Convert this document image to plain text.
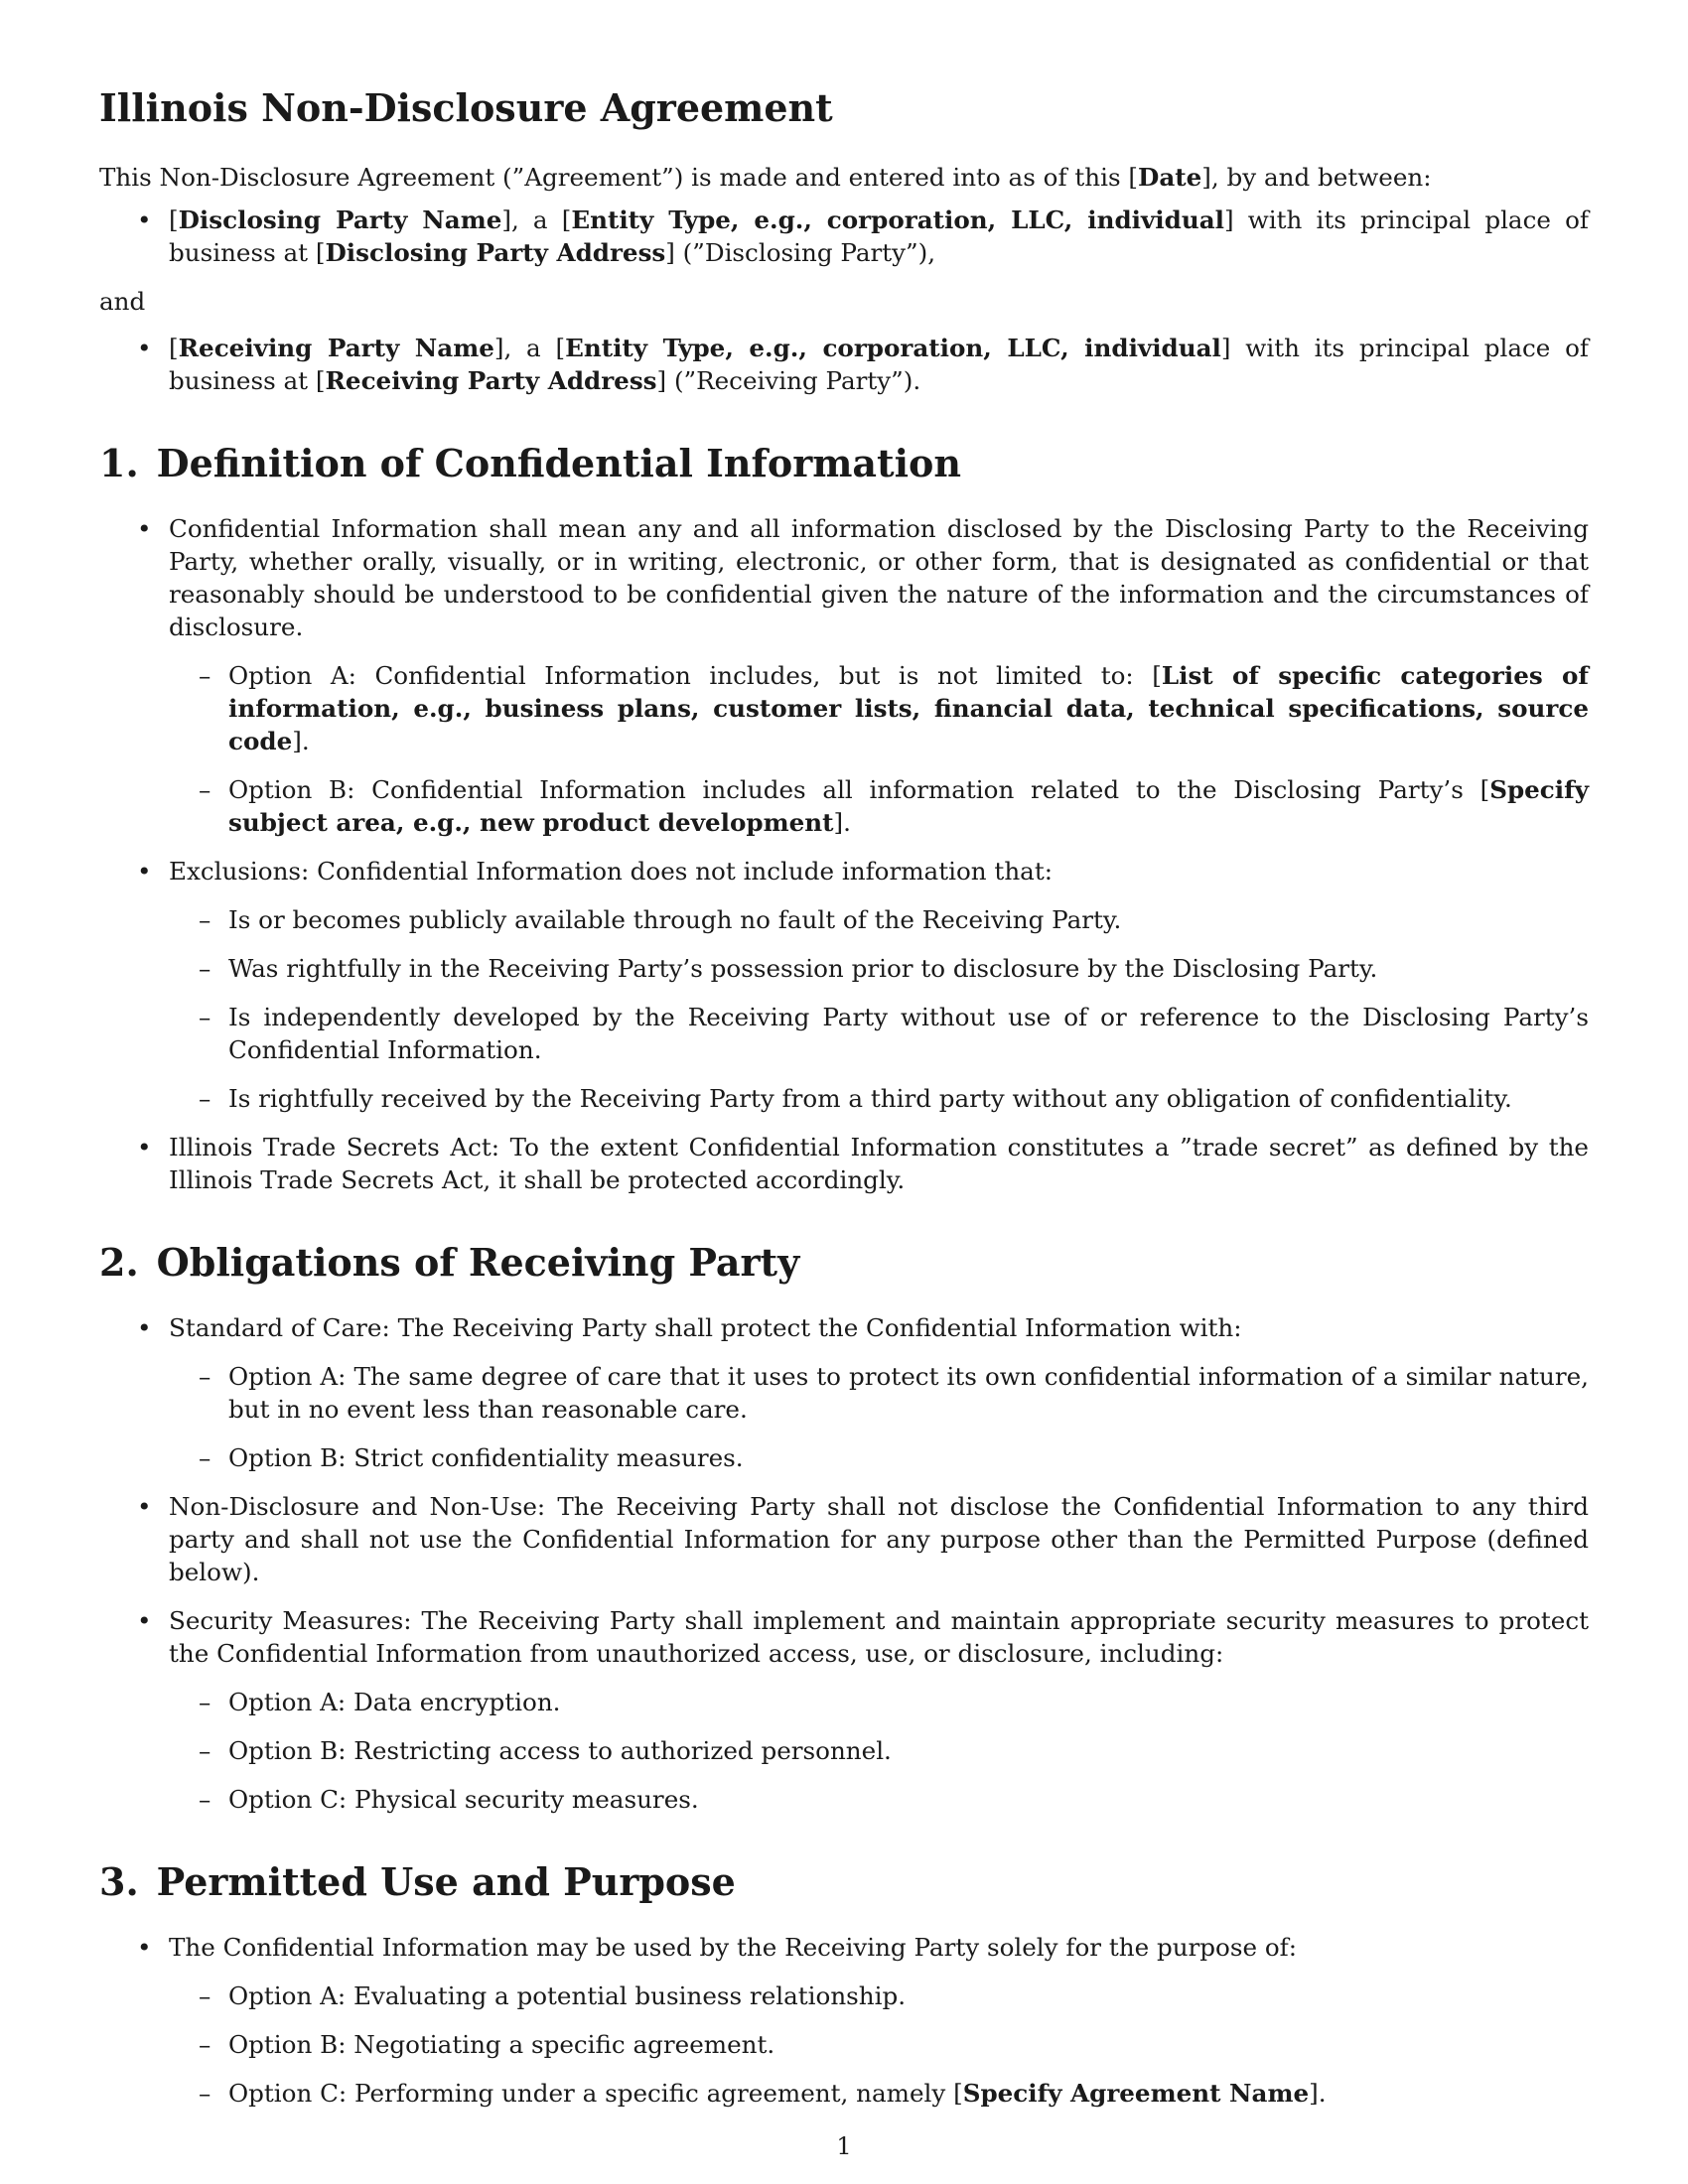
Illinois Non-Disclosure Agreement

This Non-Disclosure Agreement (”Agreement”) is made and entered into as of this [Date], by and between:

• [Disclosing Party Name], a [Entity Type, e.g., corporation, LLC, individual] with its principal place of business at [Disclosing Party Address] (”Disclosing Party”),
and
• [Receiving Party Name], a [Entity Type, e.g., corporation, LLC, individual] with its principal place of business at [Receiving Party Address] (”Receiving Party”).
1. Definition of Confidential Information
• Confidential Information shall mean any and all information disclosed by the Disclosing Party to the Receiving Party, whether orally, visually, or in writing, electronic, or other form, that is designated as confidential or that reasonably should be understood to be confidential given the nature of the information and the circumstances of disclosure.
– Option A: Confidential Information includes, but is not limited to: [List of specific categories of information, e.g., business plans, customer lists, financial data, technical specifications, source code].
– Option B: Confidential Information includes all information related to the Disclosing Party’s [Specify subject area, e.g., new product development].
• Exclusions: Confidential Information does not include information that:
– Is or becomes publicly available through no fault of the Receiving Party.
– Was rightfully in the Receiving Party’s possession prior to disclosure by the Disclosing Party.
– Is independently developed by the Receiving Party without use of or reference to the Disclosing Party’s Confidential Information.
– Is rightfully received by the Receiving Party from a third party without any obligation of confidentiality.
• Illinois Trade Secrets Act: To the extent Confidential Information constitutes a ”trade secret” as defined by the Illinois Trade Secrets Act, it shall be protected accordingly.
2. Obligations of Receiving Party
• Standard of Care: The Receiving Party shall protect the Confidential Information with:
– Option A: The same degree of care that it uses to protect its own confidential information of a similar nature, but in no event less than reasonable care.
– Option B: Strict confidentiality measures.
• Non-Disclosure and Non-Use: The Receiving Party shall not disclose the Confidential Information to any third party and shall not use the Confidential Information for any purpose other than the Permitted Purpose (defined below).
• Security Measures: The Receiving Party shall implement and maintain appropriate security measures to protect the Confidential Information from unauthorized access, use, or disclosure, including:
– Option A: Data encryption.
– Option B: Restricting access to authorized personnel.
– Option C: Physical security measures.
3. Permitted Use and Purpose
• The Confidential Information may be used by the Receiving Party solely for the purpose of:
– Option A: Evaluating a potential business relationship.
– Option B: Negotiating a specific agreement.
– Option C: Performing under a specific agreement, namely [Specify Agreement Name].
1
